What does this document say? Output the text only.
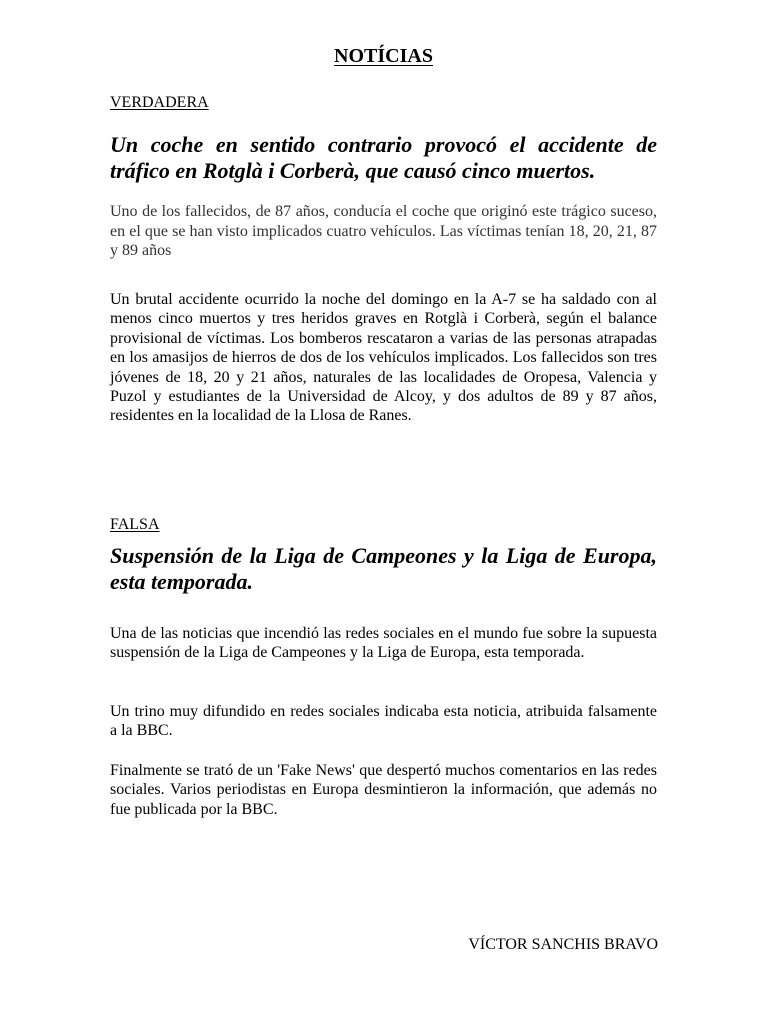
NOTÍCIAS
VERDADERA

Un coche en sentido contrario provocó el accidente de tráfico en Rotglà i Corberà, que causó cinco muertos.

Uno de los fallecidos, de 87 años, conducía el coche que originó este trágico suceso, en el que se han visto implicados cuatro vehículos. Las víctimas tenían 18, 20, 21, 87 y 89 años

Un brutal accidente ocurrido la noche del domingo en la A-7 se ha saldado con al menos cinco muertos y tres heridos graves en Rotglà i Corberà, según el balance provisional de víctimas. Los bomberos rescataron a varias de las personas atrapadas en los amasijos de hierros de dos de los vehículos implicados. Los fallecidos son tres jóvenes de 18, 20 y 21 años, naturales de las localidades de Oropesa, Valencia y Puzol y estudiantes de la Universidad de Alcoy, y dos adultos de 89 y 87 años, residentes en la localidad de la Llosa de Ranes.

FALSA

Suspensión de la Liga de Campeones y la Liga de Europa, esta temporada.

Una de las noticias que incendió las redes sociales en el mundo fue sobre la supuesta suspensión de la Liga de Campeones y la Liga de Europa, esta temporada.

Un trino muy difundido en redes sociales indicaba esta noticia, atribuida falsamente a la BBC.

Finalmente se trató de un 'Fake News' que despertó muchos comentarios en las redes sociales. Varios periodistas en Europa desmintieron la información, que además no fue publicada por la BBC.

VÍCTOR SANCHIS BRAVO
